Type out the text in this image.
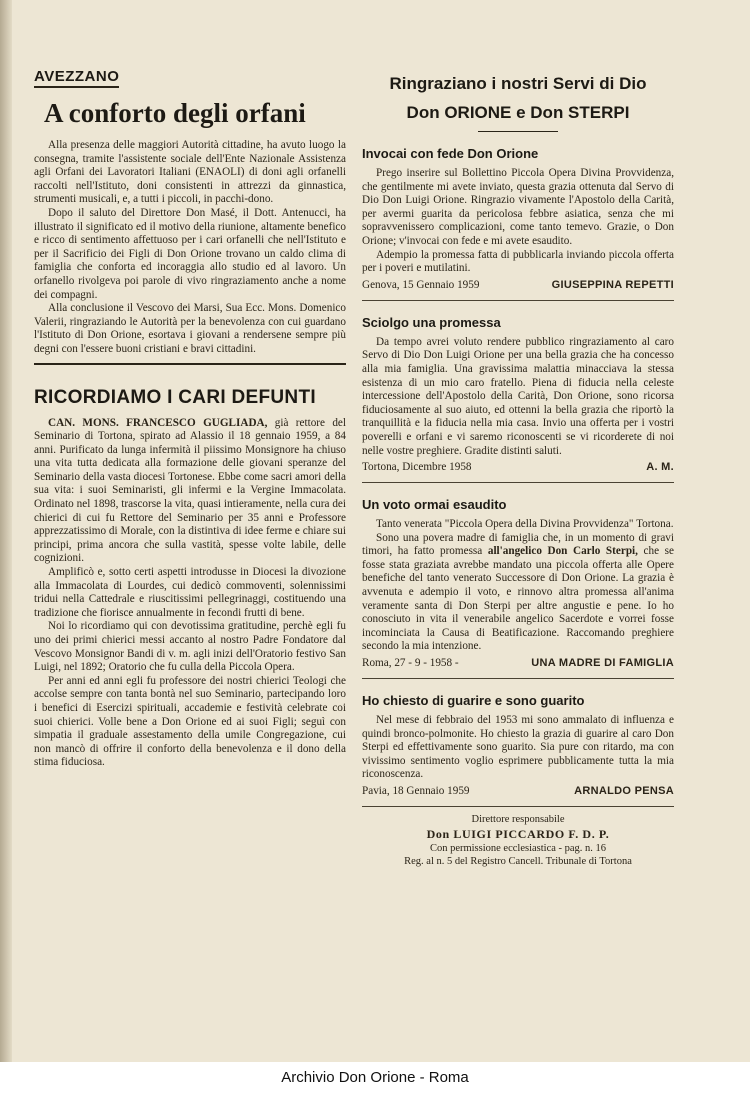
AVEZZANO
A conforto degli orfani

Alla presenza delle maggiori Autorità cittadine, ha avuto luogo la consegna, tramite l'assistente sociale dell'Ente Nazionale Assistenza agli Orfani dei Lavoratori Italiani (ENAOLI) di doni agli orfanelli raccolti nell'Istituto, doni consistenti in attrezzi da ginnastica, strumenti musicali, e, a tutti i piccoli, in pacchi-dono.

Dopo il saluto del Direttore Don Masé, il Dott. Antenucci, ha illustrato il significato ed il motivo della riunione, altamente benefico e ricco di sentimento affettuoso per i cari orfanelli che nell'Istituto e per il Sacrificio dei Figli di Don Orione trovano un caldo clima di famiglia che conforta ed incoraggia allo studio ed al lavoro. Un orfanello rivolgeva poi parole di vivo ringraziamento anche a nome dei compagni.

Alla conclusione il Vescovo dei Marsi, Sua Ecc. Mons. Domenico Valerii, ringraziando le Autorità per la benevolenza con cui guardano l'Istituto di Don Orione, esortava i giovani a rendersene sempre più degni con l'essere buoni cristiani e bravi cittadini.

RICORDIAMO I CARI DEFUNTI

CAN. MONS. FRANCESCO GUGLIADA, già rettore del Seminario di Tortona, spirato ad Alassio il 18 gennaio 1959, a 84 anni. Purificato da lunga infermità il piissimo Monsignore ha chiuso una vita tutta dedicata alla formazione delle giovani speranze del Seminario della vasta diocesi Tortonese. Ebbe come sacri amori della sua vita: i suoi Seminaristi, gli infermi e la Vergine Immacolata. Ordinato nel 1898, trascorse la vita, quasi intieramente, nella cura dei chierici di cui fu Rettore del Seminario per 35 anni e Professore apprezzatissimo di Morale, con la distintiva di idee ferme e chiare sui principi, prima ancora che sulla vastità, spesse volte labile, delle cognizioni.

Amplificò e, sotto certi aspetti introdusse in Diocesi la divozione alla Immacolata di Lourdes, cui dedicò commoventi, solennissimi tridui nella Cattedrale e riuscitissimi pellegrinaggi, costituendo una tradizione che fiorisce annualmente in fecondi frutti di bene.

Noi lo ricordiamo qui con devotissima gratitudine, perchè egli fu uno dei primi chierici messi accanto al nostro Padre Fondatore dal Vescovo Monsignor Bandi di v. m. agli inizi dell'Oratorio festivo San Luigi, nel 1892; Oratorio che fu culla della Piccola Opera.

Per anni ed anni egli fu professore dei nostri chierici Teologi che accolse sempre con tanta bontà nel suo Seminario, partecipando loro i benefici di Esercizi spirituali, accademie e festività celebrate coi suoi chierici. Volle bene a Don Orione ed ai suoi Figli; seguì con simpatia il graduale assestamento della umile Congregazione, cui non mancò di offrire il conforto della benevolenza e il dono della stima fiduciosa.

Ringraziano i nostri Servi di Dio
Don ORIONE e Don STERPI
Invocai con fede Don Orione

Prego inserire sul Bollettino Piccola Opera Divina Provvidenza, che gentilmente mi avete inviato, questa grazia ottenuta dal Servo di Dio Don Luigi Orione. Ringrazio vivamente l'Apostolo della Carità, per avermi guarita da pericolosa febbre asiatica, senza che mi sopravvenissero complicazioni, come tanto temevo. Grazie, o Don Orione; v'invocai con fede e mi avete esaudito.

Adempio la promessa fatta di pubblicarla inviando piccola offerta per i poveri e mutilatini.

Genova, 15 Gennaio 1959	GIUSEPPINA REPETTI
Sciolgo una promessa

Da tempo avrei voluto rendere pubblico ringraziamento al caro Servo di Dio Don Luigi Orione per una bella grazia che ha concesso alla mia famiglia. Una gravissima malattia minacciava la stessa esistenza di un mio caro fratello. Piena di fiducia nella celeste intercessione dell'Apostolo della Carità, Don Orione, sono ricorsa fiduciosamente al suo aiuto, ed ottenni la bella grazia che riportò la tranquillità e la fiducia nella mia casa. Invio una offerta per i vostri poverelli e orfani e vi saremo riconoscenti se vi ricorderete di noi nelle vostre preghiere. Gradite distinti saluti.

Tortona, Dicembre 1958	A. M.
Un voto ormai esaudito

Tanto venerata "Piccola Opera della Divina Provvidenza" Tortona.

Sono una povera madre di famiglia che, in un momento di gravi timori, ha fatto promessa all'angelico Don Carlo Sterpi, che se fosse stata graziata avrebbe mandato una piccola offerta alle Opere benefiche del tanto venerato Successore di Don Orione. La grazia è avvenuta e adempio il voto, e rinnovo altra promessa all'anima veramente santa di Don Sterpi per altre angustie e pene. Io ho conosciuto in vita il venerabile angelico Sacerdote e vorrei fosse incominciata la Causa di Beatificazione. Raccomando preghiere secondo la mia intenzione.

Roma, 27 - 9 - 1958 -	UNA MADRE DI FAMIGLIA
Ho chiesto di guarire e sono guarito

Nel mese di febbraio del 1953 mi sono ammalato di influenza e quindi bronco-polmonite. Ho chiesto la grazia di guarire al caro Don Sterpi ed effettivamente sono guarito. Sia pure con ritardo, ma con vivissimo sentimento voglio esprimere pubblicamente tutta la mia riconoscenza.

Pavia, 18 Gennaio 1959	ARNALDO PENSA
Direttore responsabile
Don LUIGI PICCARDO F. D. P.
Con permissione ecclesiastica - pag. n. 16
Reg. al n. 5 del Registro Cancell. Tribunale di Tortona
Archivio Don Orione - Roma
